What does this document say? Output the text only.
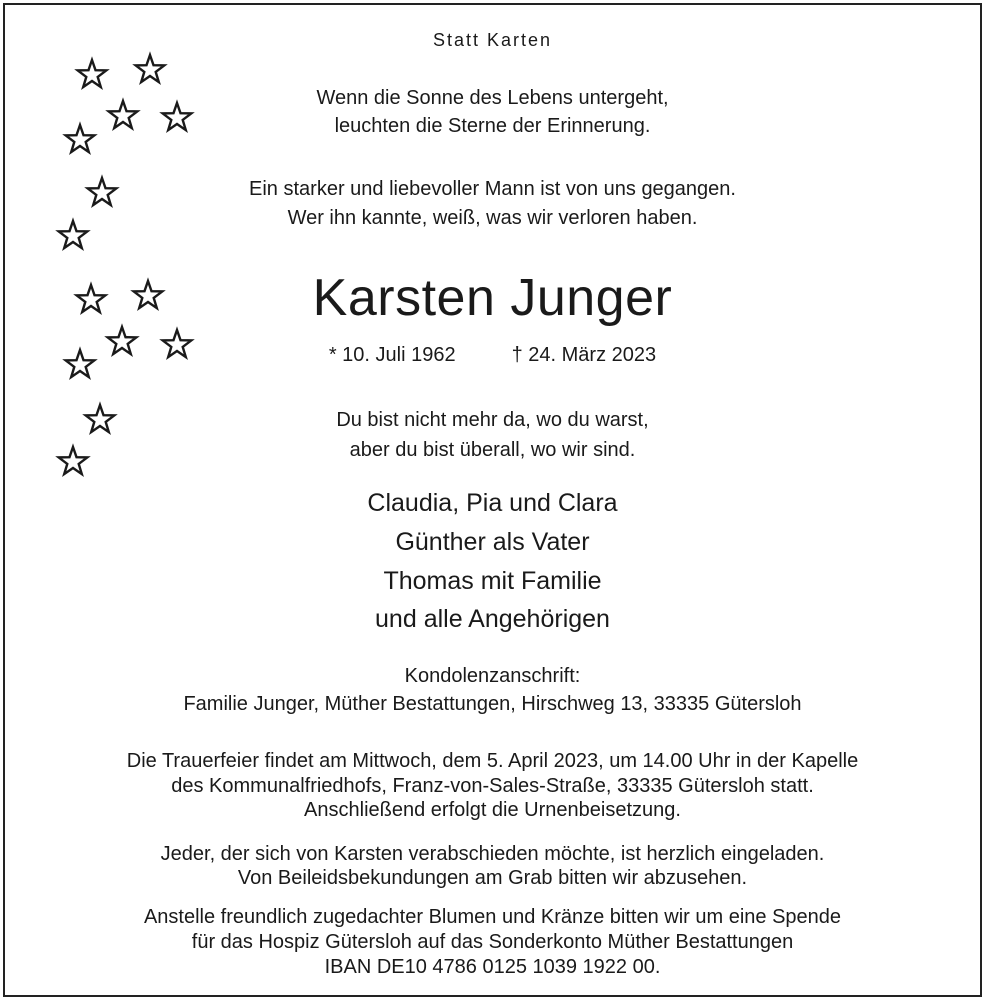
Statt Karten
Wenn die Sonne des Lebens untergeht,
leuchten die Sterne der Erinnerung.
Ein starker und liebevoller Mann ist von uns gegangen.
Wer ihn kannte, weiß, was wir verloren haben.
Karsten Junger
* 10. Juli 1962	† 24. März 2023
Du bist nicht mehr da, wo du warst,
aber du bist überall, wo wir sind.
Claudia, Pia und Clara
Günther als Vater
Thomas mit Familie
und alle Angehörigen
Kondolenzanschrift:
Familie Junger, Müther Bestattungen, Hirschweg 13, 33335 Gütersloh
Die Trauerfeier findet am Mittwoch, dem 5. April 2023, um 14.00 Uhr in der Kapelle
des Kommunalfriedhofs, Franz-von-Sales-Straße, 33335 Gütersloh statt.
Anschließend erfolgt die Urnenbeisetzung.
Jeder, der sich von Karsten verabschieden möchte, ist herzlich eingeladen.
Von Beileidsbekundungen am Grab bitten wir abzusehen.
Anstelle freundlich zugedachter Blumen und Kränze bitten wir um eine Spende
für das Hospiz Gütersloh auf das Sonderkonto Müther Bestattungen
IBAN DE10 4786 0125 1039 1922 00.
